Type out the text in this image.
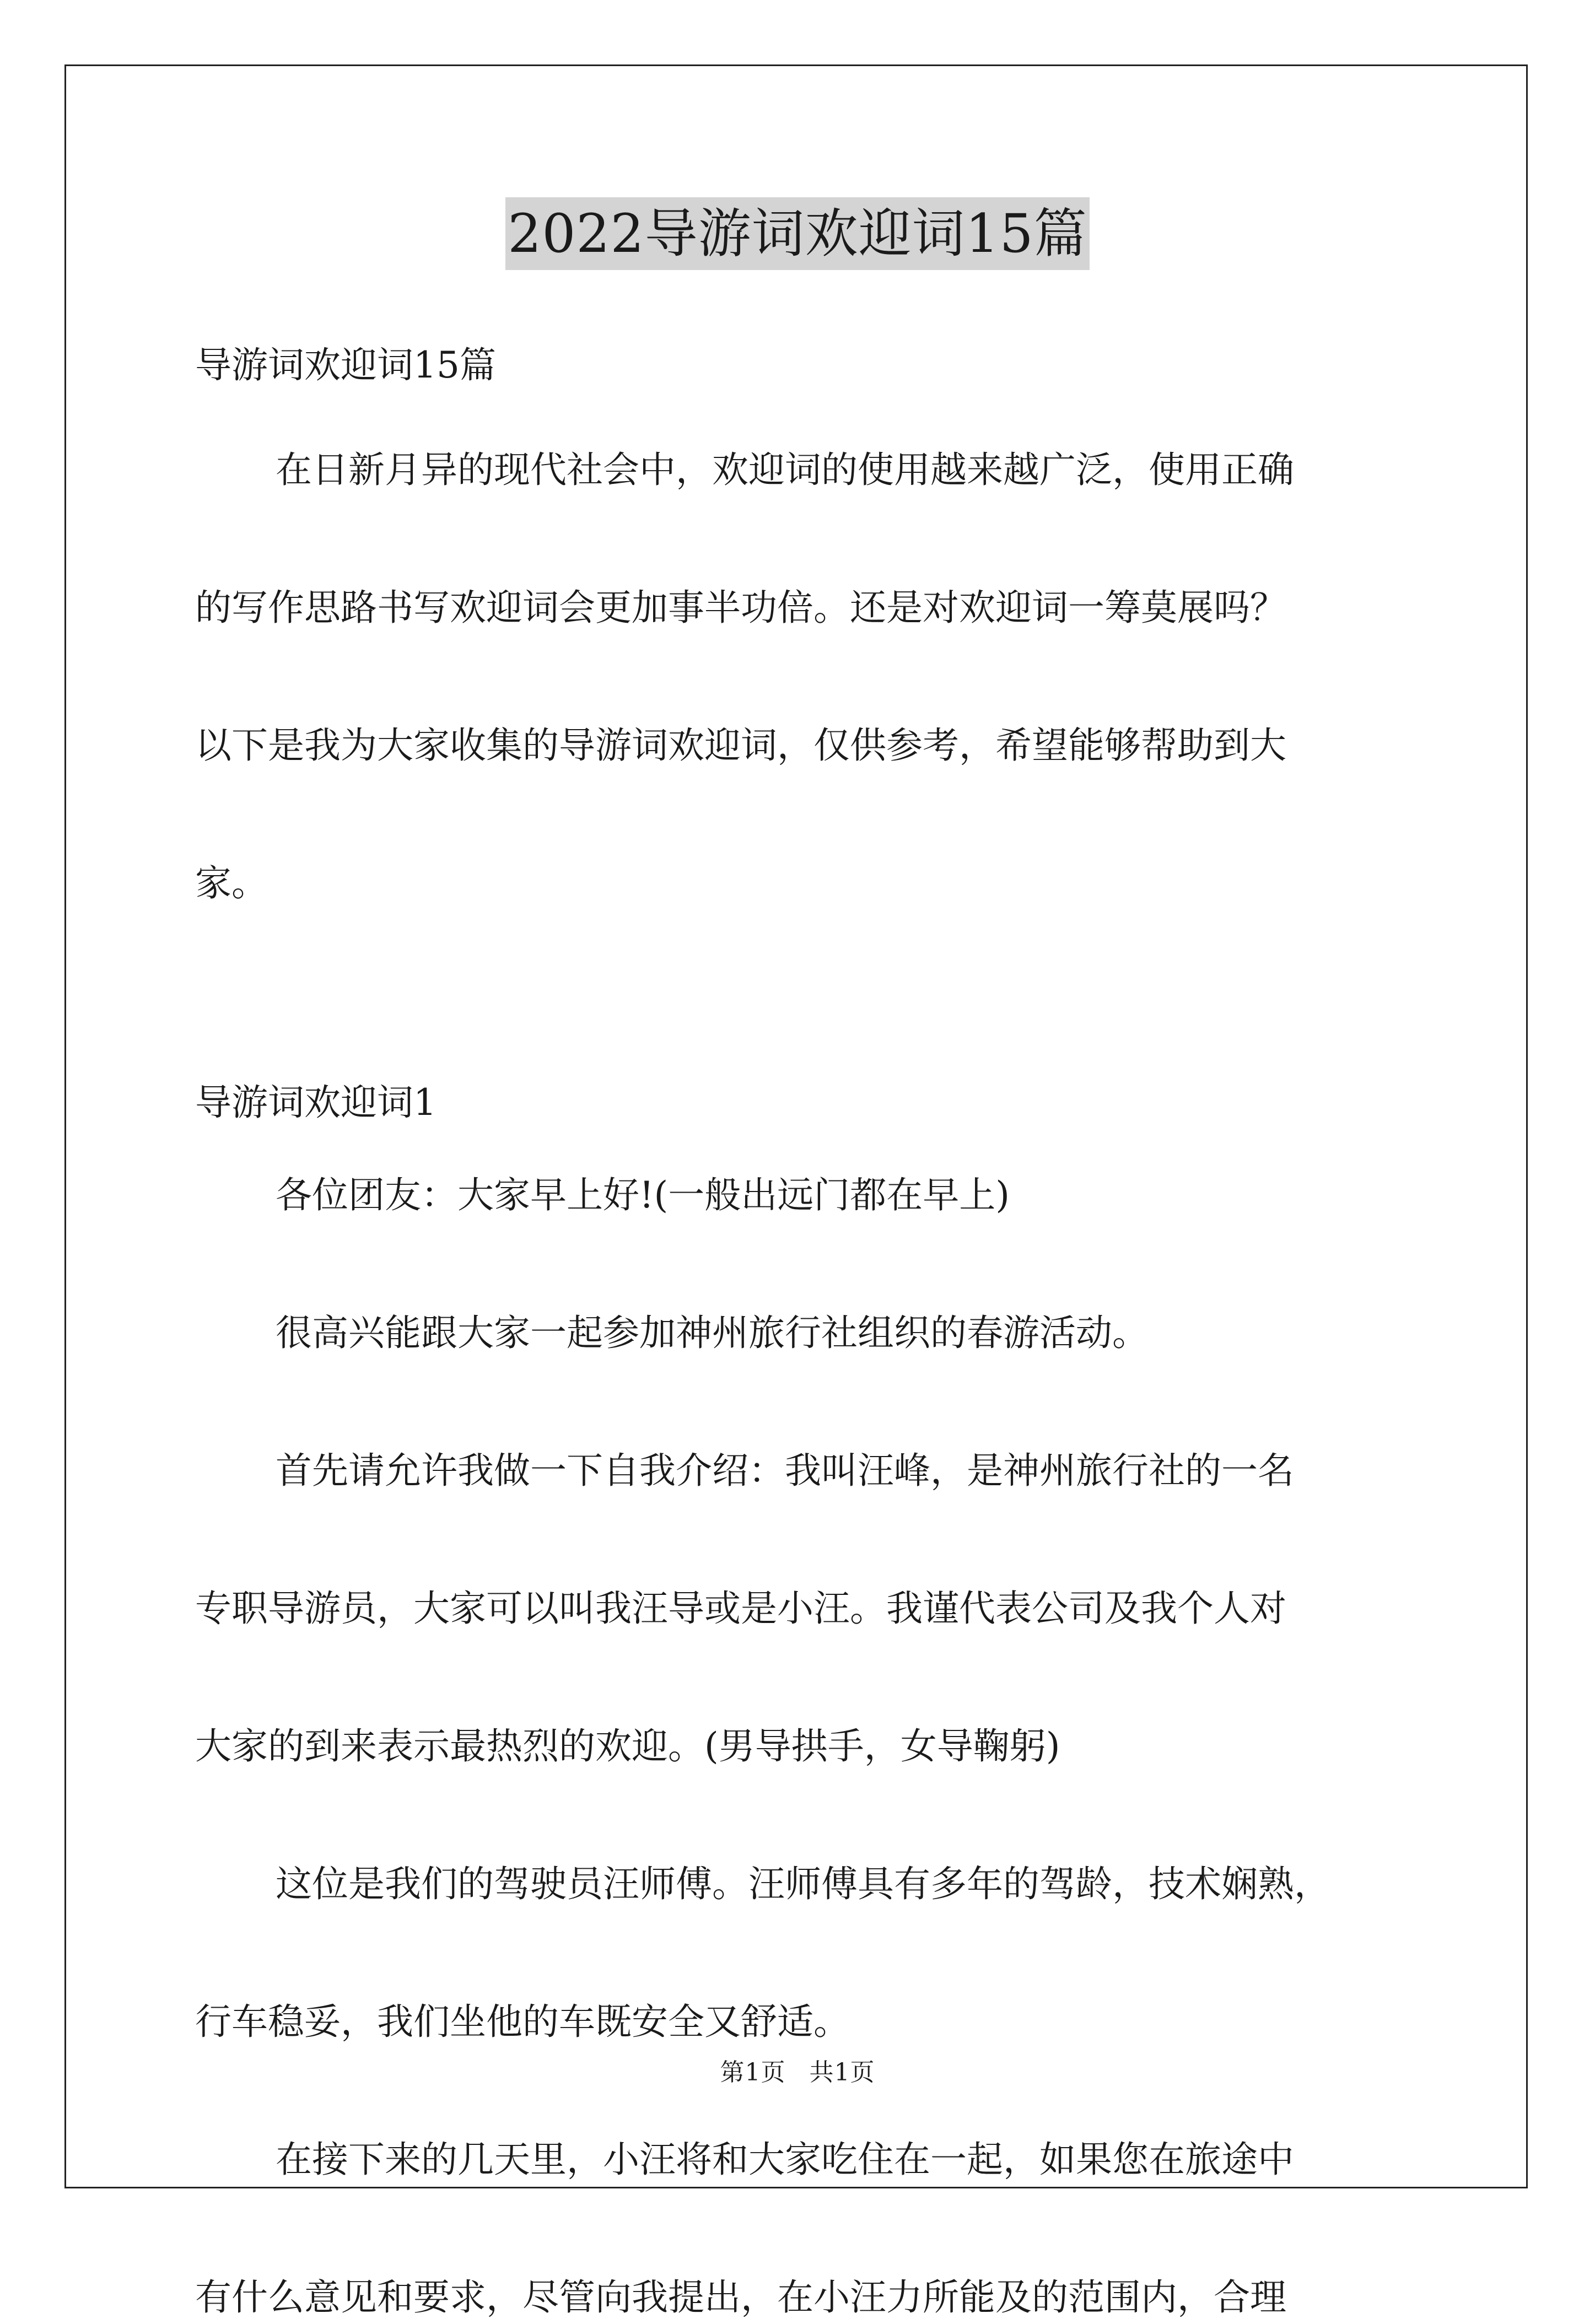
2022导游词欢迎词15篇
导游词欢迎词15篇
在日新月异的现代社会中，欢迎词的使用越来越广泛，使用正确
的写作思路书写欢迎词会更加事半功倍。还是对欢迎词一筹莫展吗？
以下是我为大家收集的导游词欢迎词，仅供参考，希望能够帮助到大
家。
导游词欢迎词1
各位团友：大家早上好!(一般出远门都在早上)
很高兴能跟大家一起参加神州旅行社组织的春游活动。
首先请允许我做一下自我介绍：我叫汪峰，是神州旅行社的一名
专职导游员，大家可以叫我汪导或是小汪。我谨代表公司及我个人对
大家的到来表示最热烈的欢迎。(男导拱手，女导鞠躬)
这位是我们的驾驶员汪师傅。汪师傅具有多年的驾龄，技术娴熟，
行车稳妥，我们坐他的车既安全又舒适。
在接下来的几天里，小汪将和大家吃住在一起，如果您在旅途中
有什么意见和要求，尽管向我提出，在小汪力所能及的范围内，合理
第1页 共1页
